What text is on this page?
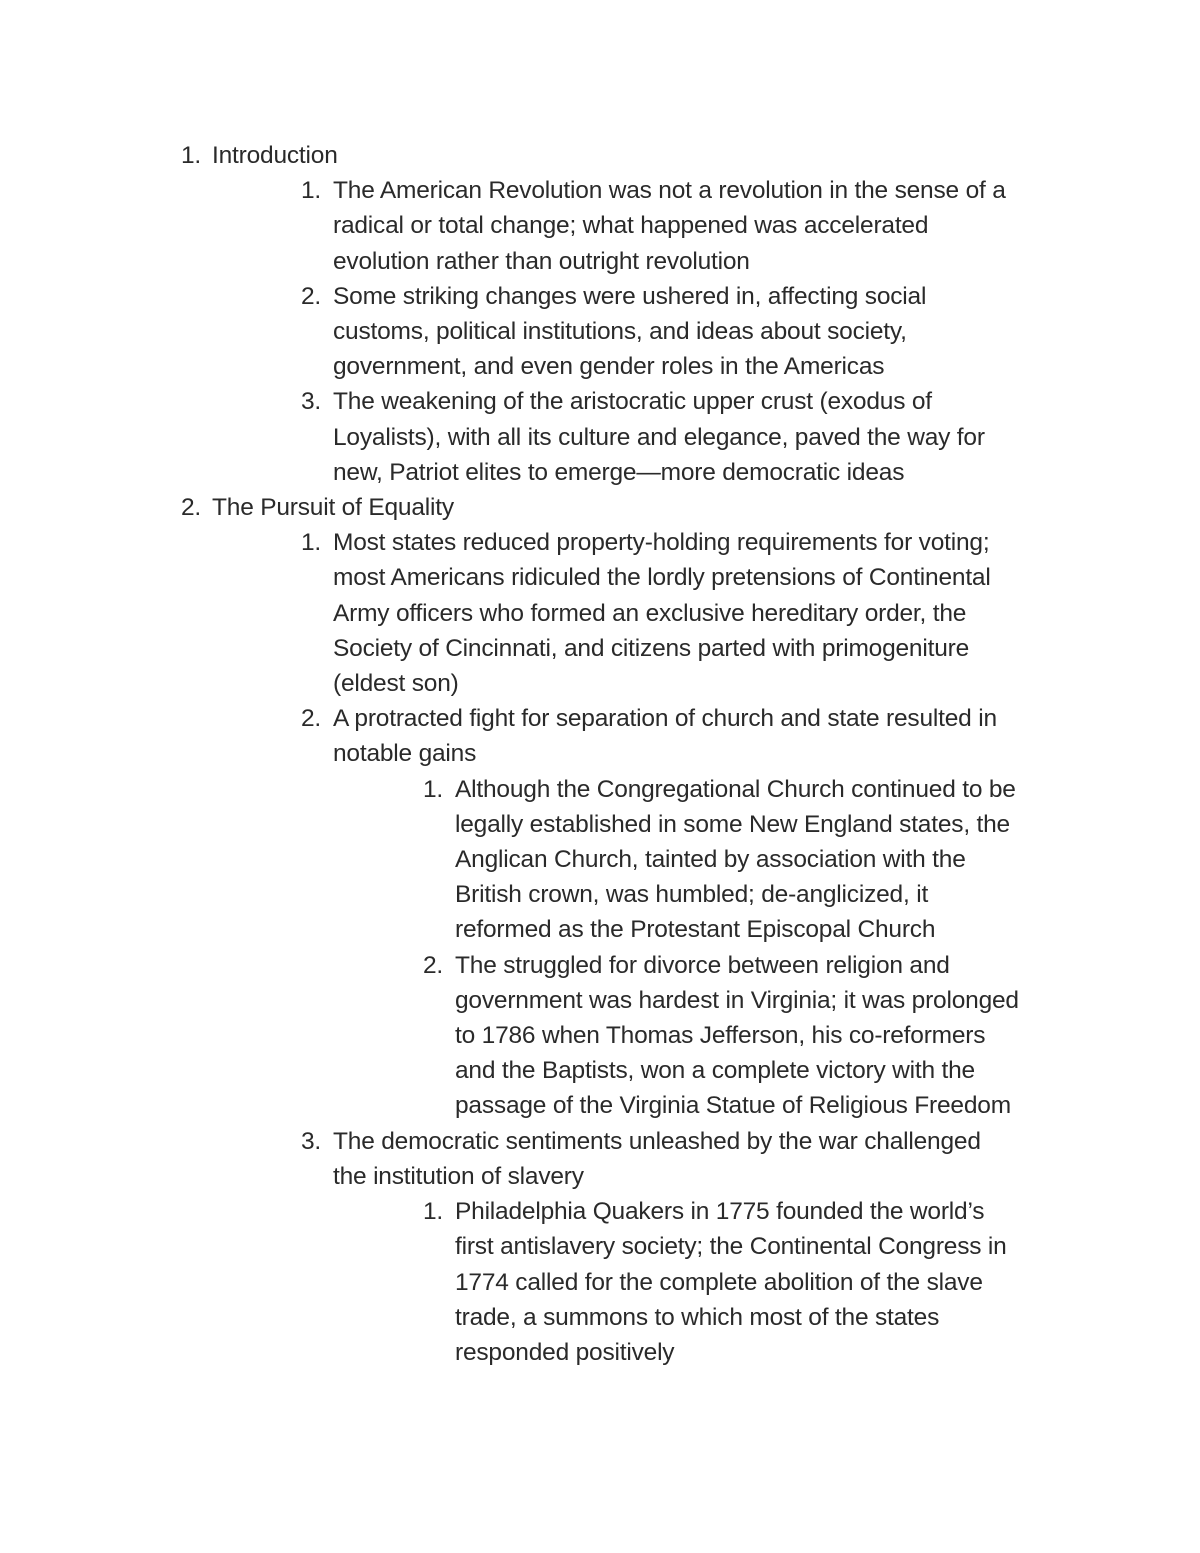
1. Introduction
1. The American Revolution was not a revolution in the sense of a
radical or total change; what happened was accelerated
evolution rather than outright revolution
2. Some striking changes were ushered in, affecting social
customs, political institutions, and ideas about society,
government, and even gender roles in the Americas
3. The weakening of the aristocratic upper crust (exodus of
Loyalists), with all its culture and elegance, paved the way for
new, Patriot elites to emerge—more democratic ideas
2. The Pursuit of Equality
1. Most states reduced property-holding requirements for voting;
most Americans ridiculed the lordly pretensions of Continental
Army officers who formed an exclusive hereditary order, the
Society of Cincinnati, and citizens parted with primogeniture
(eldest son)
2. A protracted fight for separation of church and state resulted in
notable gains
1. Although the Congregational Church continued to be
legally established in some New England states, the
Anglican Church, tainted by association with the
British crown, was humbled; de-anglicized, it
reformed as the Protestant Episcopal Church
2. The struggled for divorce between religion and
government was hardest in Virginia; it was prolonged
to 1786 when Thomas Jefferson, his co-reformers
and the Baptists, won a complete victory with the
passage of the Virginia Statue of Religious Freedom
3. The democratic sentiments unleashed by the war challenged
the institution of slavery
1. Philadelphia Quakers in 1775 founded the world’s
first antislavery society; the Continental Congress in
1774 called for the complete abolition of the slave
trade, a summons to which most of the states
responded positively
